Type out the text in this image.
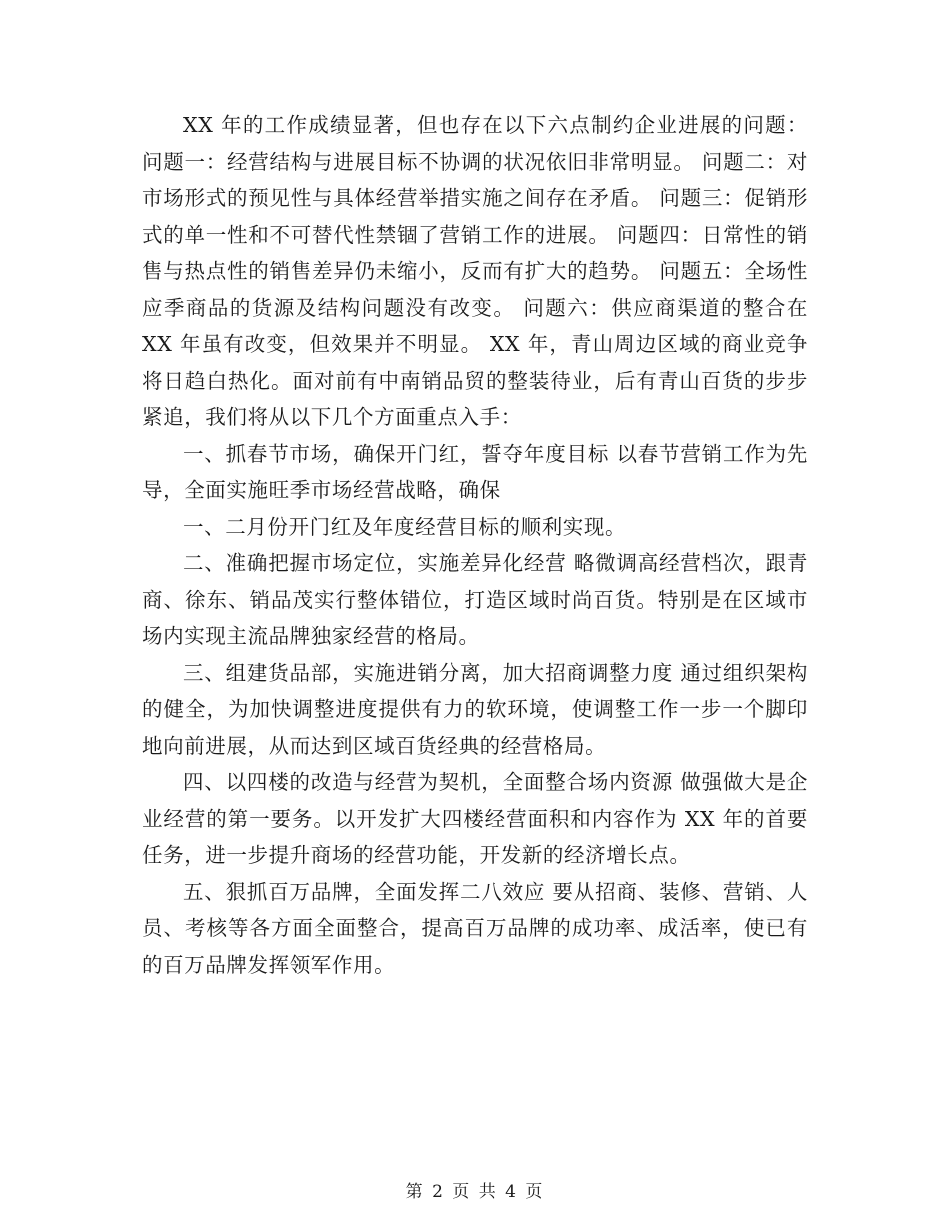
XX 年的工作成绩显著，但也存在以下六点制约企业进展的问题： 问题一：经营结构与进展目标不协调的状况依旧非常明显。 问题二：对市场形式的预见性与具体经营举措实施之间存在矛盾。 问题三：促销形式的单一性和不可替代性禁锢了营销工作的进展。 问题四：日常性的销售与热点性的销售差异仍未缩小，反而有扩大的趋势。 问题五：全场性应季商品的货源及结构问题没有改变。 问题六：供应商渠道的整合在 XX 年虽有改变，但效果并不明显。 XX 年，青山周边区域的商业竞争将日趋白热化。面对前有中南销品贸的整装待业，后有青山百货的步步紧追，我们将从以下几个方面重点入手：

一、抓春节市场，确保开门红，誓夺年度目标 以春节营销工作为先导，全面实施旺季市场经营战略，确保

一、二月份开门红及年度经营目标的顺利实现。

二、准确把握市场定位，实施差异化经营 略微调高经营档次，跟青商、徐东、销品茂实行整体错位，打造区域时尚百货。特别是在区域市场内实现主流品牌独家经营的格局。

三、组建货品部，实施进销分离，加大招商调整力度 通过组织架构的健全，为加快调整进度提供有力的软环境，使调整工作一步一个脚印地向前进展，从而达到区域百货经典的经营格局。

四、以四楼的改造与经营为契机，全面整合场内资源 做强做大是企业经营的第一要务。以开发扩大四楼经营面积和内容作为 XX 年的首要任务，进一步提升商场的经营功能，开发新的经济增长点。

五、狠抓百万品牌，全面发挥二八效应 要从招商、装修、营销、人员、考核等各方面全面整合，提高百万品牌的成功率、成活率，使已有的百万品牌发挥领军作用。

第 2 页 共 4 页
